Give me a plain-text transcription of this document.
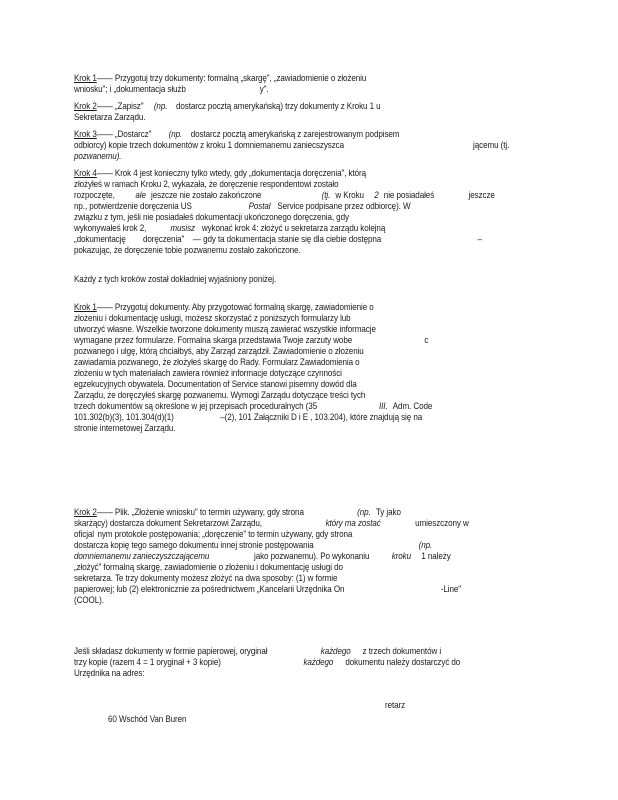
Krok 1—— Przygotuj trzy dokumenty: formalną „skargę", „zawiadomienie o złożeniu
wniosku"; i „dokumentacja służb	y".
Krok 2—— „Zapisz" (np. dostarcz pocztą amerykańską) trzy dokumenty z Kroku 1 u
Sekretarza Zarządu.
Krok 3—— „Dostarcz" (np. dostarcz pocztą amerykańską z zarejestrowanym podpisem
odbiorcy) kopie trzech dokumentów z kroku 1 domniemanemu zaniecszyszca	jącemu (tj.
pozwanemu).
Krok 4—— Krok 4 jest konieczny tylko wtedy, gdy „dokumentacja doręczenia", którą
złożyłeś w ramach Kroku 2, wykazała, że doręczenie respondentowi zostało
rozpoczęte, ale jeszcze nie zostało zakończone	(tj. w Kroku 2 nie posiadałeś	jeszcze
np., potwierdzenie doręczenia US	Postal Service podpisane przez odbiorcę). W
związku z tym, jeśli nie posiadałeś dokumentacji ukończonego doręczenia, gdy
wykonywałeś krok 2,	musisz wykonać krok 4: złożyć u sekretarza zarządu kolejną
„dokumentację doręczenia" — gdy ta dokumentacja stanie się dla ciebie dostępna	–
pokazując, że doręczenie tobie pozwanemu zostało zakończone.
Każdy z tych kroków został dokładniej wyjaśniony poniżej.
Krok 1—— Przygotuj dokumenty. Aby przygotować formalną skargę, zawiadomienie o
złożeniu i dokumentację usługi, możesz skorzystać z poniższych formularzy lub
utworzyć własne. Wszelkie tworzone dokumenty muszą zawierać wszystkie informacje
wymagane przez formularze. Formalna skarga przedstawia Twoje zarzuty wobe	c
pozwanego i ulgę, którą chciałbyś, aby Zarząd zarządził. Zawiadomienie o złożeniu
zawiadamia pozwanego, że złożyłeś skargę do Rady. Formularz Zawiadomienia o
złożeniu w tych materiałach zawiera również informacje dotyczące czynności
egzekucyjnych obywatela. Documentation of Service stanowi pisemny dowód dla
Zarządu, że doręczyłeś skargę pozwanemu. Wymogi Zarządu dotyczące treści tych
trzech dokumentów są określone w jej przepisach proceduralnych (35	III. Adm. Code
101.302(b)(3), 101.304(d)(1)	–(2), 101 Załączniki D i E , 103.204), które znajdują się na
stronie internetowej Zarządu.
Krok 2—— Plik. „Złożenie wniosku" to termin używany, gdy strona	(np. Ty jako
skarżący) dostarcza dokument Sekretarzowi Zarządu,	który ma zostać	umieszczony w
oficjal nym protokole postępowania; „doręczenie" to termin używany, gdy strona
dostarcza kopię tego samego dokumentu innej stronie postępowania	(np.
domniemanemu zanieczyszczającemu	jako pozwanemu). Po wykonaniu kroku 1 należy
„złożyć" formalną skargę, zawiadomienie o złożeniu i dokumentację usługi do
sekretarza. Te trzy dokumenty możesz złożyć na dwa sposoby: (1) w formie
papierowej; lub (2) elektronicznie za pośrednictwem „Kancelarii Urzędnika On	-Line"
(COOL).
Jeśli składasz dokumenty w formie papierowej, oryginał	każdego z trzech dokumentów i
trzy kopie (razem 4 = 1 oryginał + 3 kopie)	każdego dokumentu należy dostarczyć do
Urzędnika na adres:
retarz
60 Wschód Van Buren
